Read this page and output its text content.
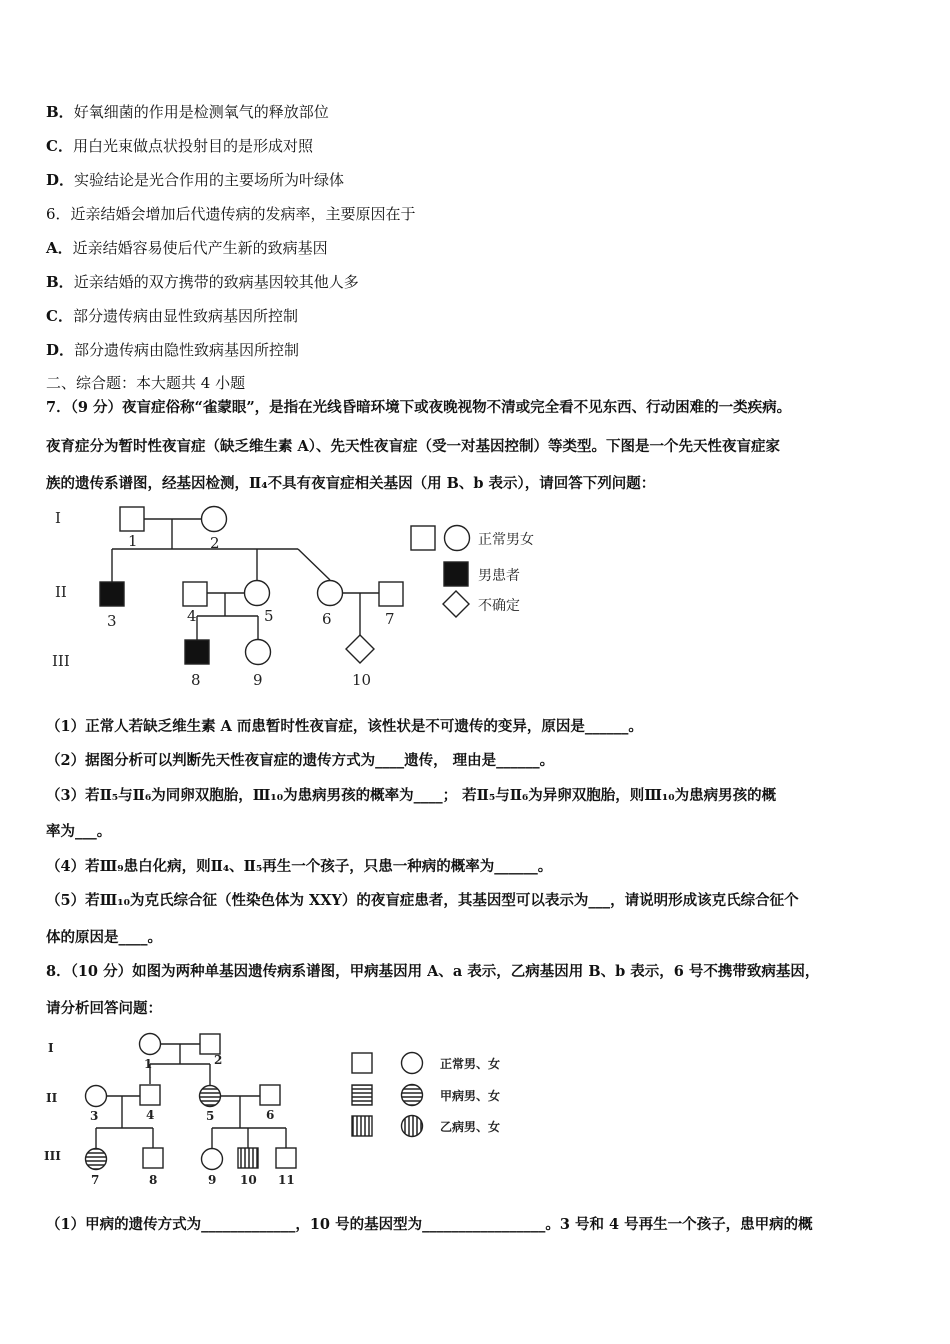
B．好氧细菌的作用是检测氧气的释放部位
C．用白光束做点状投射目的是形成对照
D．实验结论是光合作用的主要场所为叶绿体
6．近亲结婚会增加后代遗传病的发病率，主要原因在于
A．近亲结婚容易使后代产生新的致病基因
B．近亲结婚的双方携带的致病基因较其他人多
C．部分遗传病由显性致病基因所控制
D．部分遗传病由隐性致病基因所控制
二、综合题：本大题共 4 小题
7．（9 分）夜盲症俗称“雀蒙眼”，是指在光线昏暗环境下或夜晚视物不清或完全看不见东西、行动困难的一类疾病。
夜育症分为暂时性夜盲症（缺乏维生素 A）、先天性夜盲症（受一对基因控制）等类型。下图是一个先天性夜盲症家
族的遗传系谱图，经基因检测，Ⅱ₄不具有夜盲症相关基因（用 B、b 表示），请回答下列问题：
I
II
III
1	2
3	4	5	6	7
8	9	10
正常男女
男患者
不确定
（1）正常人若缺乏维生素 A 而患暂时性夜盲症，该性状是不可遗传的变异，原因是______。
（2）据图分析可以判断先天性夜盲症的遗传方式为____遗传， 理由是______。
（3）若Ⅱ₅与Ⅱ₆为同卵双胞胎，Ⅲ₁₀为患病男孩的概率为____； 若Ⅱ₅与Ⅱ₆为异卵双胞胎，则Ⅲ₁₀为患病男孩的概
率为___。
（4）若Ⅲ₉患白化病，则Ⅱ₄、Ⅱ₅再生一个孩子，只患一种病的概率为______。
（5）若Ⅲ₁₀为克氏综合征（性染色体为 XXY）的夜盲症患者，其基因型可以表示为___，请说明形成该克氏综合征个
体的原因是____。
8．（10 分）如图为两种单基因遗传病系谱图，甲病基因用 A、a 表示，乙病基因用 B、b 表示，6 号不携带致病基因，
请分析回答问题：
I
II
III
1	2
3	4	5	6
7	8	9 10 11
正常男、女
甲病男、女
乙病男、女
（1）甲病的遗传方式为_____________，10 号的基因型为_________________。3 号和 4 号再生一个孩子，患甲病的概
